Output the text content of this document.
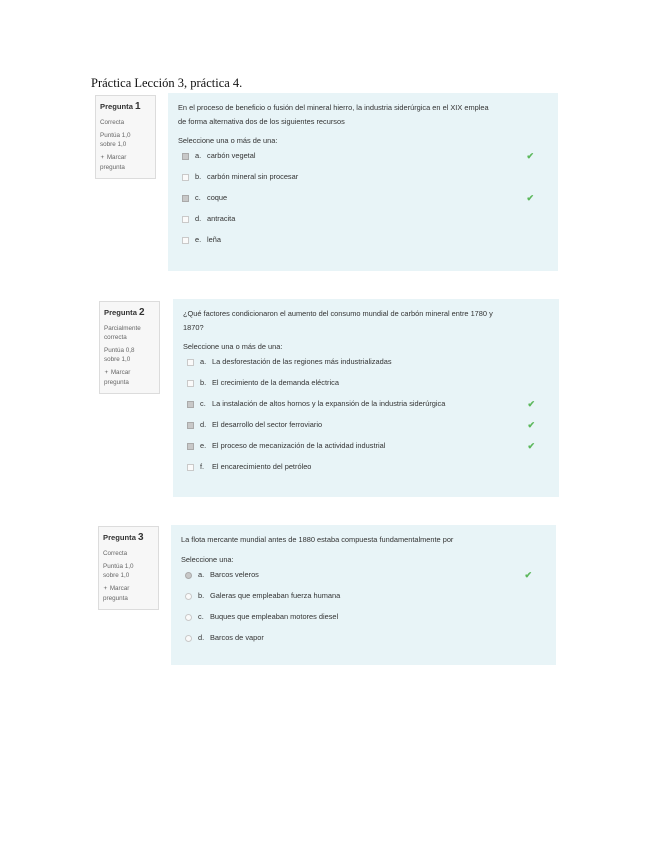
Práctica Lección 3, práctica 4.
Pregunta 1
Correcta
Puntúa 1,0
sobre 1,0
🟄 Marcar
pregunta
En el proceso de beneficio o fusión del mineral hierro, la industria siderúrgica en el XIX emplea
de forma alternativa dos de los siguientes recursos
Seleccione una o más de una:
a. carbón vegetal	✔
b. carbón mineral sin procesar
c. coque	✔
d. antracita
e. leña
Pregunta 2
Parcialmente
correcta
Puntúa 0,8
sobre 1,0
🟄 Marcar
pregunta
¿Qué factores condicionaron el aumento del consumo mundial de carbón mineral entre 1780 y
1870?
Seleccione una o más de una:
a. La desforestación de las regiones más industrializadas
b. El crecimiento de la demanda eléctrica
c. La instalación de altos hornos y la expansión de la industria siderúrgica	✔
d. El desarrollo del sector ferroviario	✔
e. El proceso de mecanización de la actividad industrial	✔
f.	El encarecimiento del petróleo
Pregunta 3
Correcta
Puntúa 1,0
sobre 1,0
🟄 Marcar
pregunta
La flota mercante mundial antes de 1880 estaba compuesta fundamentalmente por
Seleccione una:
a. Barcos veleros	✔
b. Galeras que empleaban fuerza humana
c. Buques que empleaban motores diesel
d. Barcos de vapor
